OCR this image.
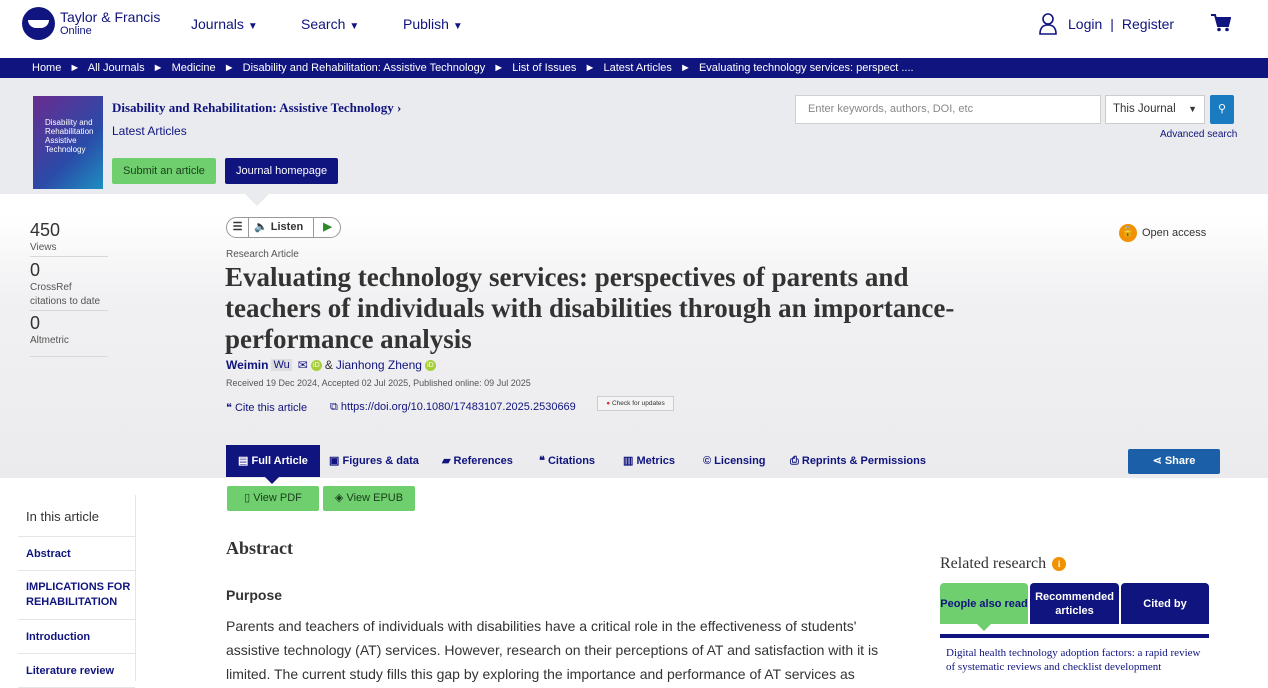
Taylor & Francis
Online	Journals ▼	Search ▼	Publish ▼	Login | Register
Home ► All Journals ► Medicine ► Disability and Rehabilitation: Assistive Technology ► List of Issues ► Latest Articles ► Evaluating technology services: perspect ....
Disability and Rehabilitation Assistive Technology
Disability and Rehabilitation: Assistive Technology ›
Latest Articles
Submit an article	Journal homepage
Enter keywords, authors, DOI, etc	This Journal ▼	⚲
Advanced search
450
Views
0
CrossRef citations to date
0
Altmetric
☰	🔈 Listen	▶	🔓 Open access
Research Article
Evaluating technology services: perspectives of parents and teachers of individuals with disabilities through an importance-performance analysis
Weimin Wu ✉ iD & Jianhong Zheng iD
Received 19 Dec 2024, Accepted 02 Jul 2025, Published online: 09 Jul 2025
❝ Cite this article ⧉ https://doi.org/10.1080/17483107.2025.2530669	● Check for updates
▤ Full Article	▣ Figures & data ▰ References ❝ Citations	▥ Metrics	© Licensing ⎙ Reprints & Permissions	⋖ Share
▯ View PDF	◈ View EPUB
In this article
Abstract
IMPLICATIONS FOR REHABILITATION
Introduction
Literature review
Abstract
Purpose
Parents and teachers of individuals with disabilities have a critical role in the effectiveness of students' assistive technology (AT) services. However, research on their perceptions of AT and satisfaction with it is limited. The current study fills this gap by exploring the importance and performance of AT services as
Related research	i
People also read
Recommended articles
Cited by
Digital health technology adoption factors: a rapid review of systematic reviews and checklist development
